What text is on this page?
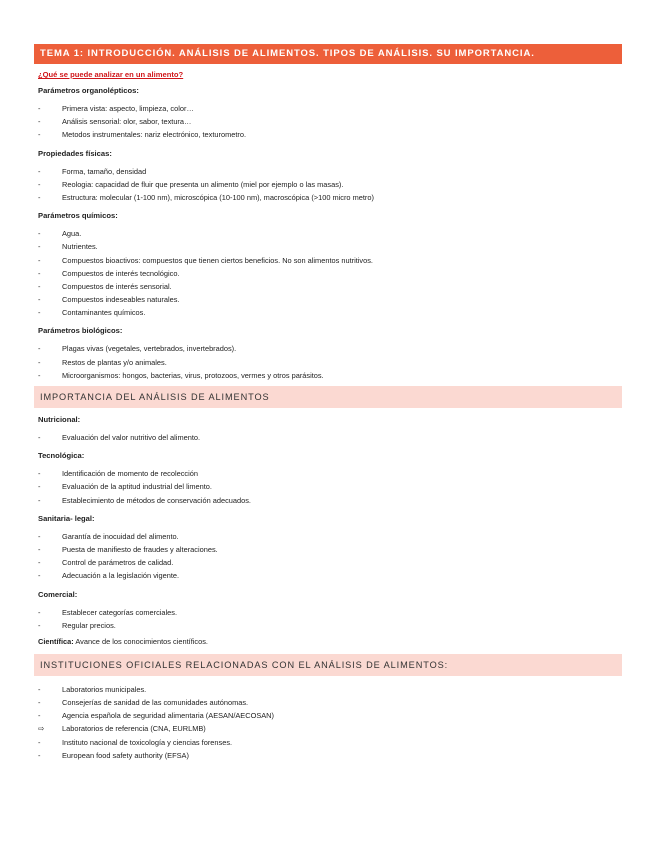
TEMA 1: INTRODUCCIÓN. ANÁLISIS DE ALIMENTOS. TIPOS DE ANÁLISIS. SU IMPORTANCIA.
¿Qué se puede analizar en un alimento?
Parámetros organolépticos:
-	Primera vista: aspecto, limpieza, color…
-	Análisis sensorial: olor, sabor, textura…
-	Metodos instrumentales: nariz electrónico, texturometro.
Propiedades físicas:
-	Forma, tamaño, densidad
-	Reologia: capacidad de fluir que presenta un alimento (miel por ejemplo o las masas).
-	Estructura: molecular (1-100 nm), microscópica (10-100 nm), macroscópica (>100 micro metro)
Parámetros químicos:
-	Agua.
-	Nutrientes.
-	Compuestos bioactivos: compuestos que tienen ciertos beneficios. No son alimentos nutritivos.
-	Compuestos de interés tecnológico.
-	Compuestos de interés sensorial.
-	Compuestos indeseables naturales.
-	Contaminantes químicos.
Parámetros biológicos:
-	Plagas vivas (vegetales, vertebrados, invertebrados).
-	Restos de plantas y/o animales.
-	Microorganismos: hongos, bacterias, virus, protozoos, vermes y otros parásitos.
IMPORTANCIA DEL ANÁLISIS DE ALIMENTOS
Nutricional:
-	Evaluación del valor nutritivo del alimento.
Tecnológica:
-	Identificación de momento de recolección
-	Evaluación de la aptitud industrial del limento.
-	Establecimiento de métodos de conservación adecuados.
Sanitaria- legal:
-	Garantía de inocuidad del alimento.
-	Puesta de manifiesto de fraudes y alteraciones.
-	Control de parámetros de calidad.
-	Adecuación a la legislación vigente.
Comercial:
-	Establecer categorías comerciales.
-	Regular precios.
Científica: Avance de los conocimientos científicos.
INSTITUCIONES OFICIALES RELACIONADAS CON EL ANÁLISIS DE ALIMENTOS:
-	Laboratorios municipales.
-	Consejerías de sanidad de las comunidades autónomas.
-	Agencia española de seguridad alimentaria (AESAN/AECOSAN)
⇨ Laboratorios de referencia (CNA, EURLMB)
-	Instituto nacional de toxicología y ciencias forenses.
-	European food safety authority (EFSA)
